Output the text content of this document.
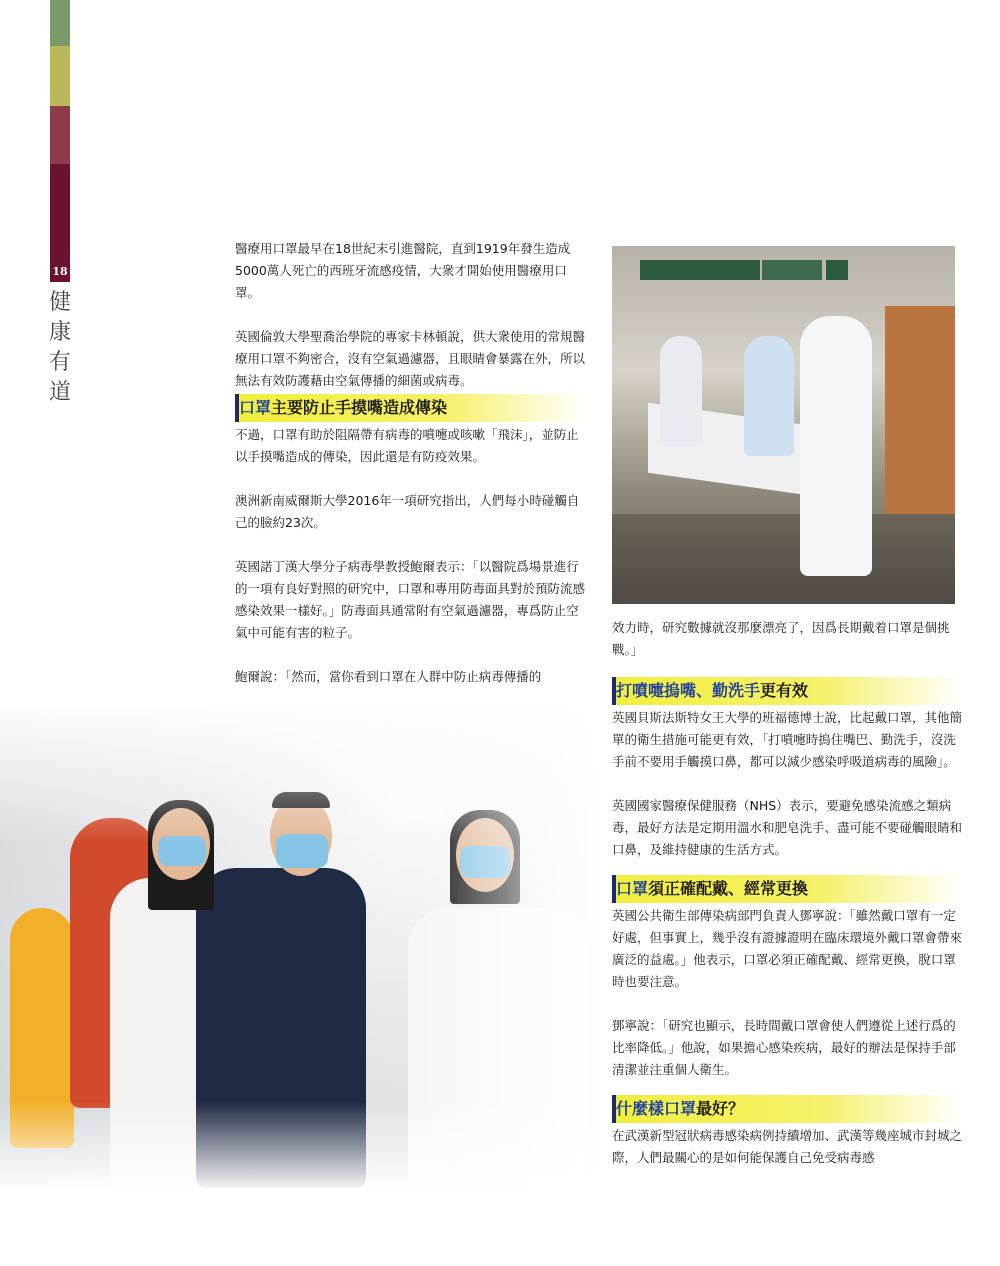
18
健
康
有
道

醫療用口罩最早在18世紀末引進醫院，直到1919年發生造成5000萬人死亡的西班牙流感疫情，大衆才開始使用醫療用口罩。

英國倫敦大學聖喬治學院的專家卡林頓說，供大衆使用的常規醫療用口罩不夠密合，沒有空氣過濾器，且眼睛會暴露在外，所以無法有效防護藉由空氣傳播的細菌或病毒。

口罩 主要防止手摸嘴造成傳染

不過，口罩有助於阻隔帶有病毒的噴嚏或咳嗽「飛沫」，並防止以手摸嘴造成的傳染，因此還是有防疫效果。

澳洲新南威爾斯大學2016年一項研究指出，人們每小時碰觸自己的臉約23次。

英國諾丁漢大學分子病毒學教授鮑爾表示：「以醫院爲場景進行的一項有良好對照的研究中，口罩和專用防毒面具對於預防流感感染效果一樣好。」防毒面具通常附有空氣過濾器，專爲防止空氣中可能有害的粒子。

鮑爾說：「然而，當你看到口罩在人群中防止病毒傳播的

效力時，研究數據就沒那麼漂亮了，因爲長期戴着口罩是個挑戰。」

打噴嚏摀嘴、勤洗手 更有效

英國貝斯法斯特女王大學的班福德博士說，比起戴口罩，其他簡單的衛生措施可能更有效，「打噴嚏時摀住嘴巴、勤洗手，沒洗手前不要用手觸摸口鼻，都可以減少感染呼吸道病毒的風險」。

英國國家醫療保健服務（NHS）表示，要避免感染流感之類病毒，最好方法是定期用溫水和肥皂洗手、盡可能不要碰觸眼睛和口鼻，及維持健康的生活方式。

口罩 須正確配戴、經常更換

英國公共衛生部傳染病部門負責人鄧寧說：「雖然戴口罩有一定好處，但事實上，幾乎沒有證據證明在臨床環境外戴口罩會帶來廣泛的益處。」他表示，口罩必須正確配戴、經常更換，脫口罩時也要注意。

鄧寧說：「研究也顯示，長時間戴口罩會使人們遵從上述行爲的比率降低。」他說，如果擔心感染疾病，最好的辦法是保持手部清潔並注重個人衛生。

什麼樣口罩 最好？

在武漢新型冠狀病毒感染病例持續增加、武漢等幾座城市封城之際，人們最關心的是如何能保護自己免受病毒感
